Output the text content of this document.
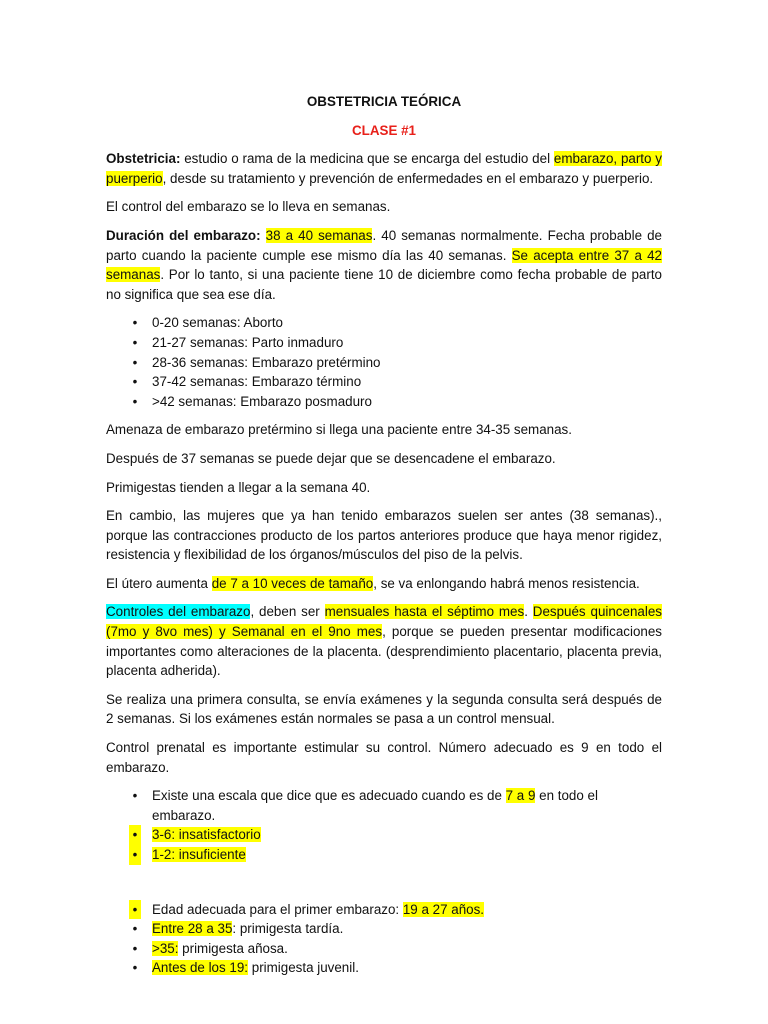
OBSTETRICIA TEÓRICA
CLASE #1

Obstetricia: estudio o rama de la medicina que se encarga del estudio del embarazo, parto y puerperio, desde su tratamiento y prevención de enfermedades en el embarazo y puerperio.

El control del embarazo se lo lleva en semanas.

Duración del embarazo: 38 a 40 semanas. 40 semanas normalmente. Fecha probable de parto cuando la paciente cumple ese mismo día las 40 semanas. Se acepta entre 37 a 42 semanas. Por lo tanto, si una paciente tiene 10 de diciembre como fecha probable de parto no significa que sea ese día.

• 0-20 semanas: Aborto
• 21-27 semanas: Parto inmaduro
• 28-36 semanas: Embarazo pretérmino
• 37-42 semanas: Embarazo término
• >42 semanas: Embarazo posmaduro

Amenaza de embarazo pretérmino si llega una paciente entre 34-35 semanas.

Después de 37 semanas se puede dejar que se desencadene el embarazo.

Primigestas tienden a llegar a la semana 40.

En cambio, las mujeres que ya han tenido embarazos suelen ser antes (38 semanas)., porque las contracciones producto de los partos anteriores produce que haya menor rigidez, resistencia y flexibilidad de los órganos/músculos del piso de la pelvis.

El útero aumenta de 7 a 10 veces de tamaño, se va enlongando habrá menos resistencia.

Controles del embarazo, deben ser mensuales hasta el séptimo mes. Después quincenales (7mo y 8vo mes) y Semanal en el 9no mes, porque se pueden presentar modificaciones importantes como alteraciones de la placenta. (desprendimiento placentario, placenta previa, placenta adherida).

Se realiza una primera consulta, se envía exámenes y la segunda consulta será después de 2 semanas. Si los exámenes están normales se pasa a un control mensual.

Control prenatal es importante estimular su control. Número adecuado es 9 en todo el embarazo.

• Existe una escala que dice que es adecuado cuando es de 7 a 9 en todo el embarazo.
• 3-6: insatisfactorio
• 1-2: insuficiente
• Edad adecuada para el primer embarazo: 19 a 27 años.
• Entre 28 a 35: primigesta tardía.
• >35: primigesta añosa.
• Antes de los 19: primigesta juvenil.
